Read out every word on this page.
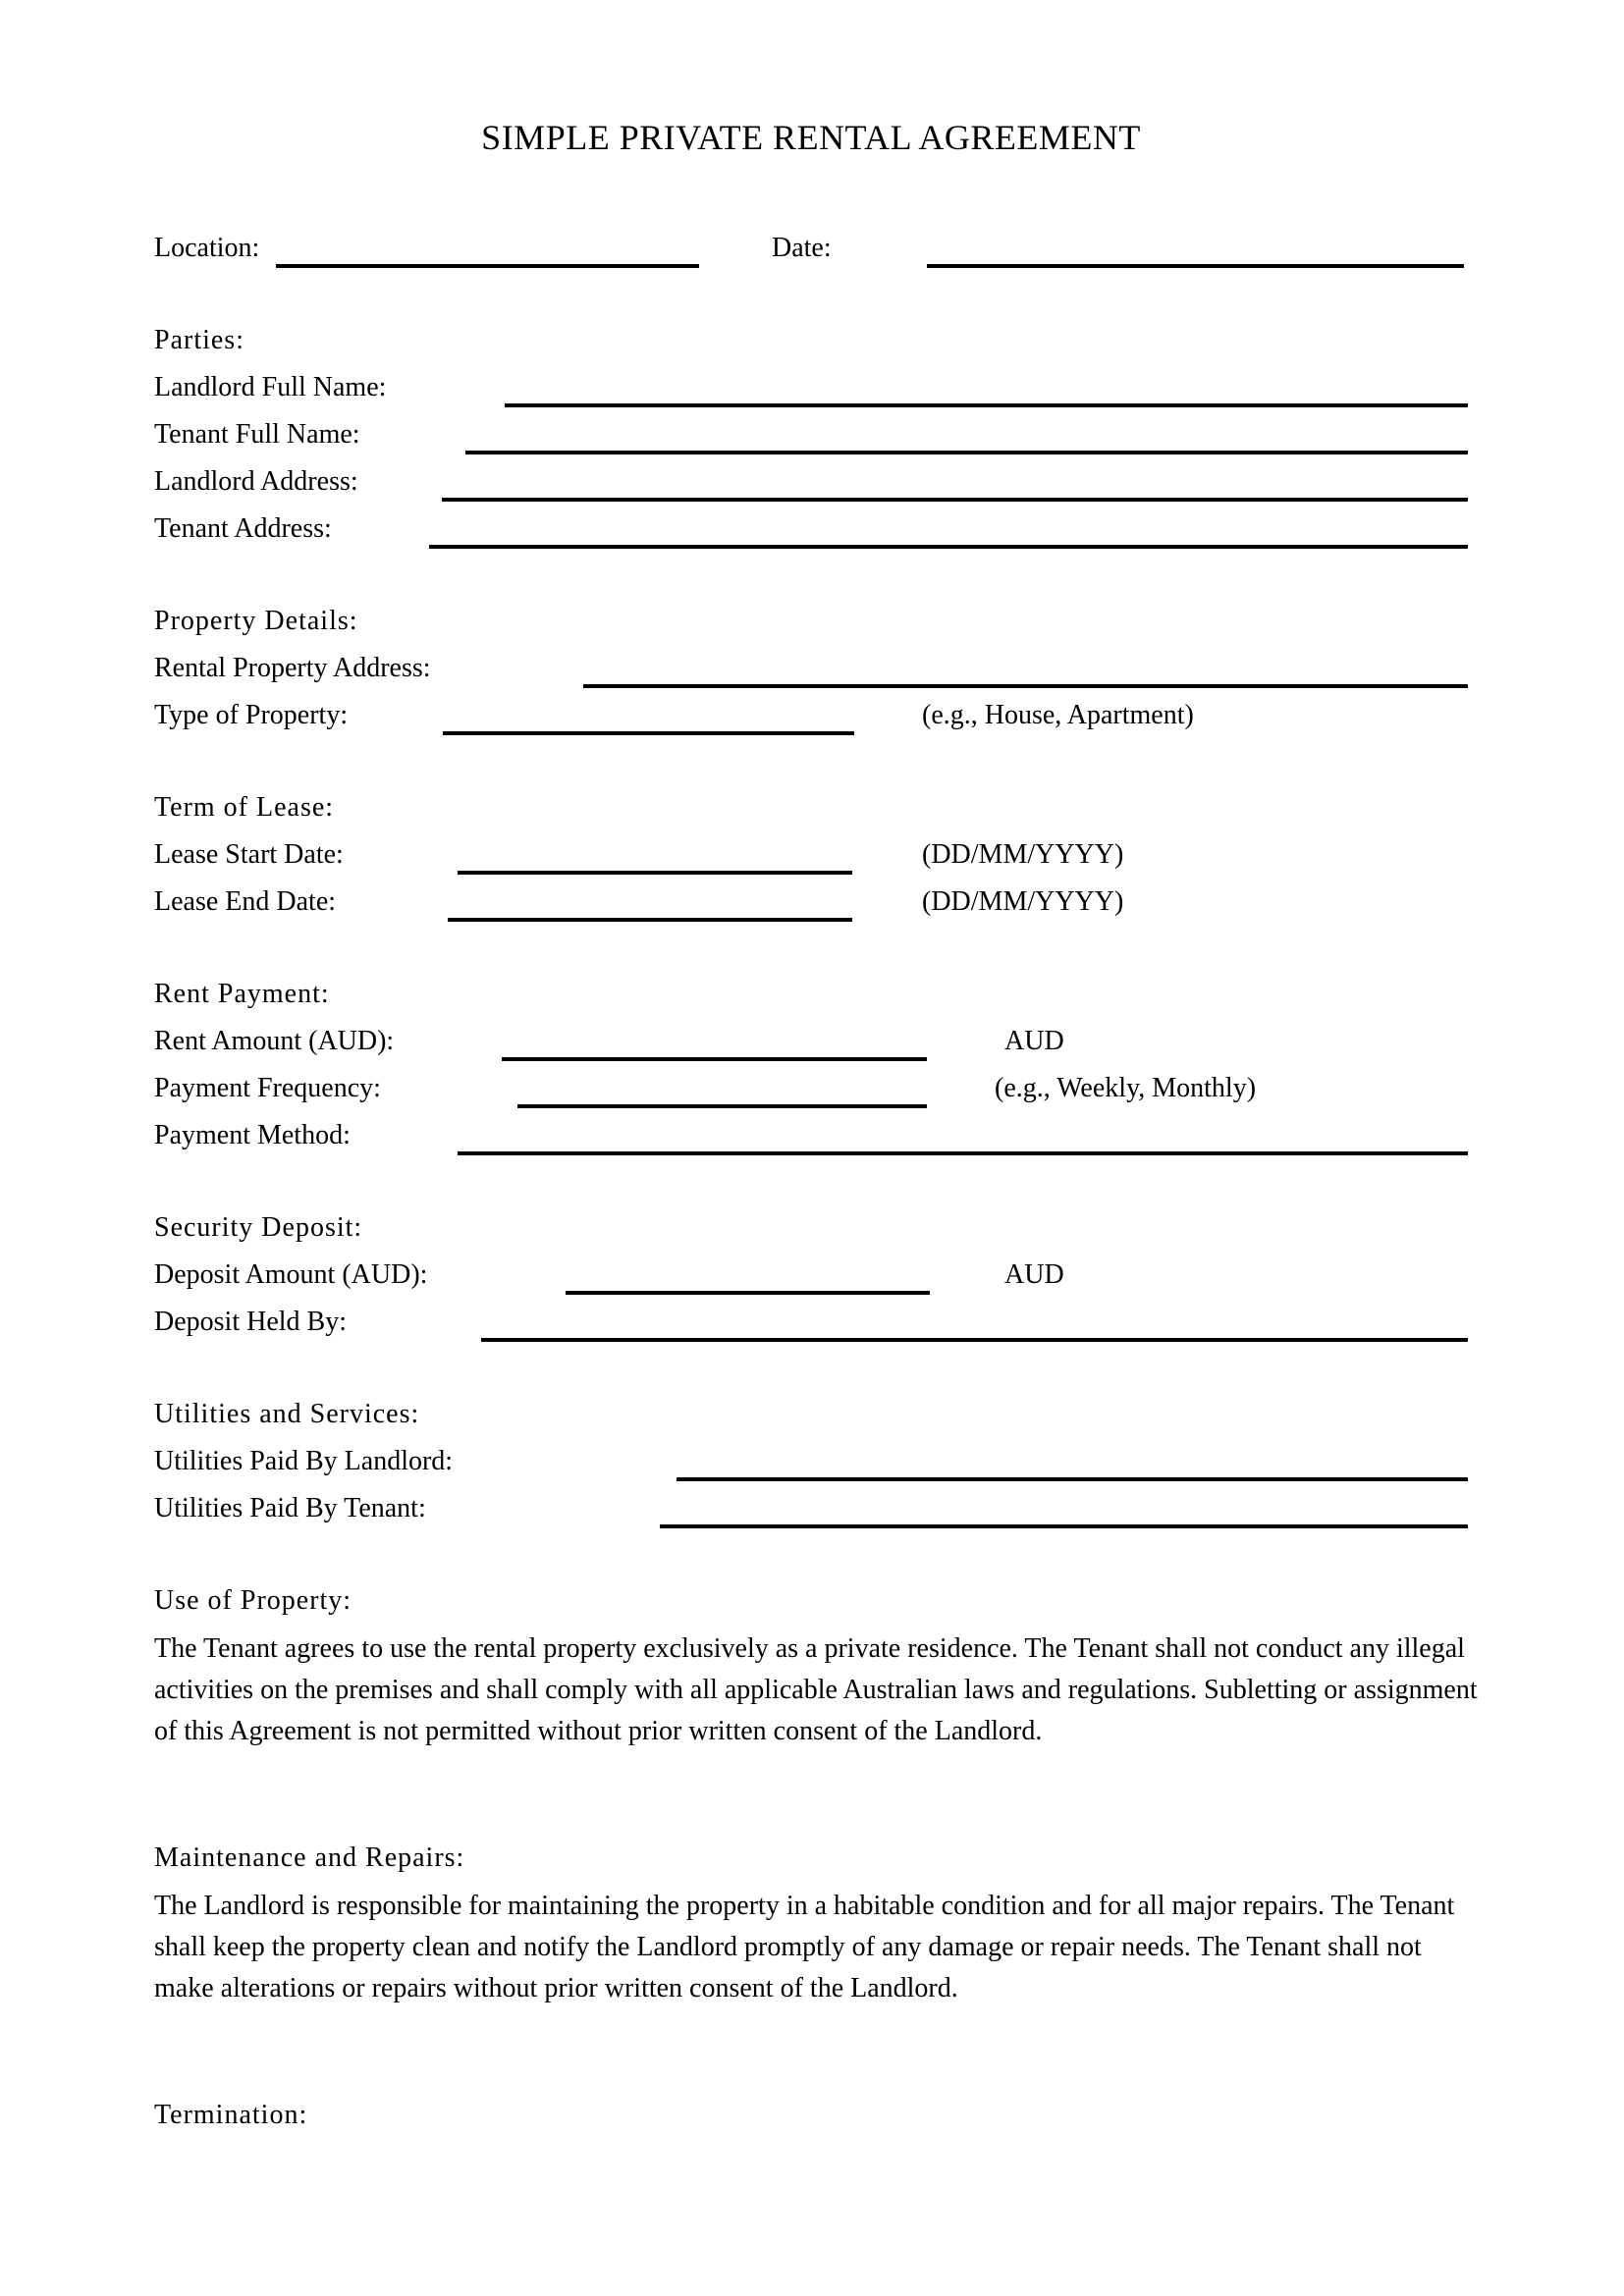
SIMPLE PRIVATE RENTAL AGREEMENT
Location:	Date:
Parties:
Landlord Full Name:
Tenant Full Name:
Landlord Address:
Tenant Address:
Property Details:
Rental Property Address:
Type of Property:	(e.g., House, Apartment)
Term of Lease:
Lease Start Date:	(DD/MM/YYYY)
Lease End Date:	(DD/MM/YYYY)
Rent Payment:
Rent Amount (AUD):	AUD
Payment Frequency:	(e.g., Weekly, Monthly)
Payment Method:
Security Deposit:
Deposit Amount (AUD):	AUD
Deposit Held By:
Utilities and Services:
Utilities Paid By Landlord:
Utilities Paid By Tenant:
Use of Property:
The Tenant agrees to use the rental property exclusively as a private residence. The Tenant shall not conduct any illegal activities on the premises and shall comply with all applicable Australian laws and regulations. Subletting or assignment of this Agreement is not permitted without prior written consent of the Landlord.
Maintenance and Repairs:
The Landlord is responsible for maintaining the property in a habitable condition and for all major repairs. The Tenant shall keep the property clean and notify the Landlord promptly of any damage or repair needs. The Tenant shall not make alterations or repairs without prior written consent of the Landlord.
Termination:
